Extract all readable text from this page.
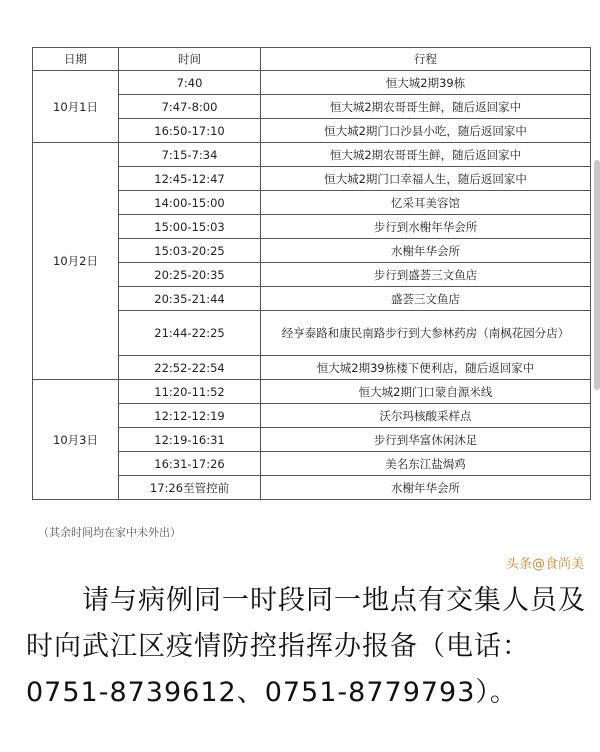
日期	时间	行程
10月1日	7:40	恒大城2期39栋
	7:47-8:00	恒大城2期农哥哥生鲜，随后返回家中
	16:50-17:10	恒大城2期门口沙县小吃，随后返回家中
10月2日	7:15-7:34	恒大城2期农哥哥生鲜，随后返回家中
	12:45-12:47	恒大城2期门口幸福人生，随后返回家中
	14:00-15:00	忆采耳美容馆
	15:00-15:03	步行到水榭年华会所
	15:03-20:25	水榭年华会所
	20:25-20:35	步行到盛荟三文鱼店
	20:35-21:44	盛荟三文鱼店
	21:44-22:25	经亨泰路和康民南路步行到大参林药房（南枫花园分店）
	22:52-22:54	恒大城2期39栋楼下便利店，随后返回家中
10月3日	11:20-11:52	恒大城2期门口蒙自源米线
	12:12-12:19	沃尔玛核酸采样点
	12:19-16:31	步行到华富休闲沐足
	16:31-17:26	美名东江盐焗鸡
	17:26至管控前	水榭年华会所
（其余时间均在家中未外出）
头条@食尚美
请与病例同一时段同一地点有交集人员及时向武江区疫情防控指挥办报备（电话：0751-8739612、0751-8779793）。
